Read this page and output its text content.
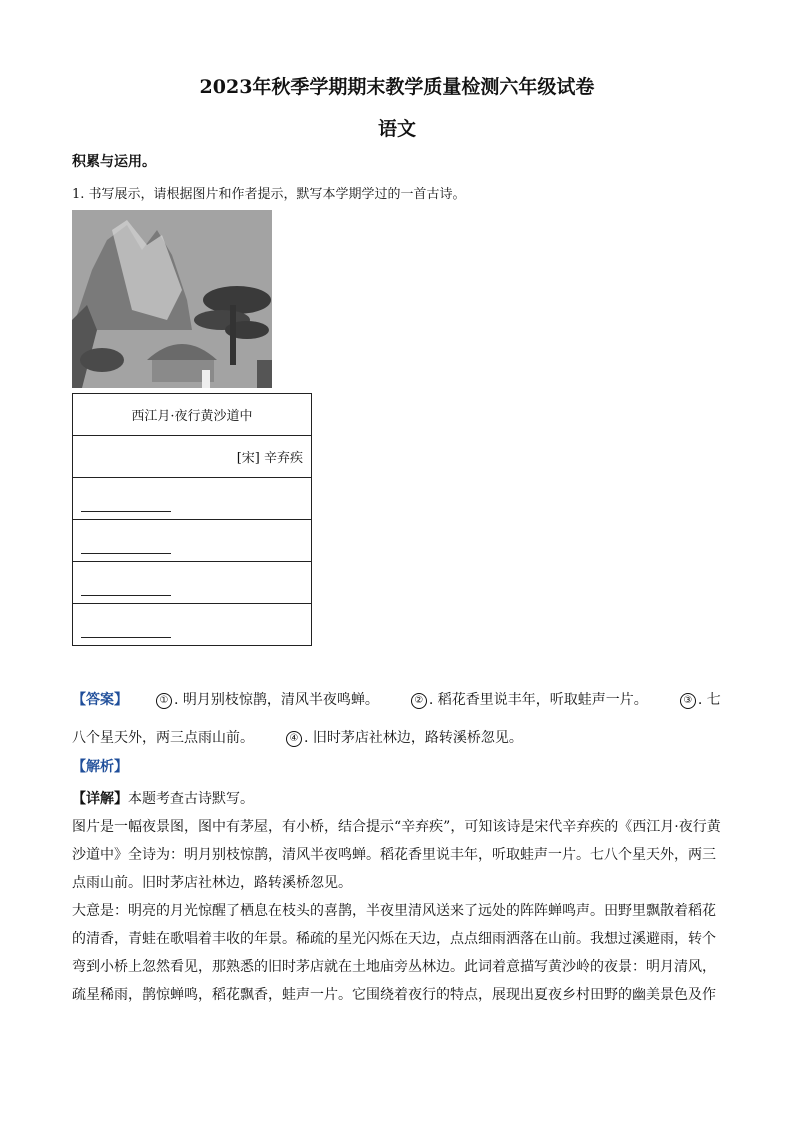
2023年秋季学期期末教学质量检测六年级试卷
语文
积累与运用。
1. 书写展示，请根据图片和作者提示，默写本学期学过的一首古诗。
西江月·夜行黄沙道中
[宋] 辛弃疾

【答案】	① . 明月别枝惊鹊，清风半夜鸣蝉。	② . 稻花香里说丰年，听取蛙声一片。	③ . 七

八个星天外，两三点雨山前。	④ . 旧时茅店社林边，路转溪桥忽见。

【解析】

【详解】本题考查古诗默写。

图片是一幅夜景图，图中有茅屋，有小桥，结合提示“辛弃疾”，可知该诗是宋代辛弃疾的《西江月·夜行黄沙道中》全诗为：明月别枝惊鹊，清风半夜鸣蝉。稻花香里说丰年，听取蛙声一片。七八个星天外，两三点雨山前。旧时茅店社林边，路转溪桥忽见。

大意是：明亮的月光惊醒了栖息在枝头的喜鹊，半夜里清风送来了远处的阵阵蝉鸣声。田野里飘散着稻花的清香，青蛙在歌唱着丰收的年景。稀疏的星光闪烁在天边，点点细雨洒落在山前。我想过溪避雨，转个弯到小桥上忽然看见，那熟悉的旧时茅店就在土地庙旁丛林边。此词着意描写黄沙岭的夜景：明月清风，疏星稀雨，鹊惊蝉鸣，稻花飘香，蛙声一片。它围绕着夜行的特点，展现出夏夜乡村田野的幽美景色及作
